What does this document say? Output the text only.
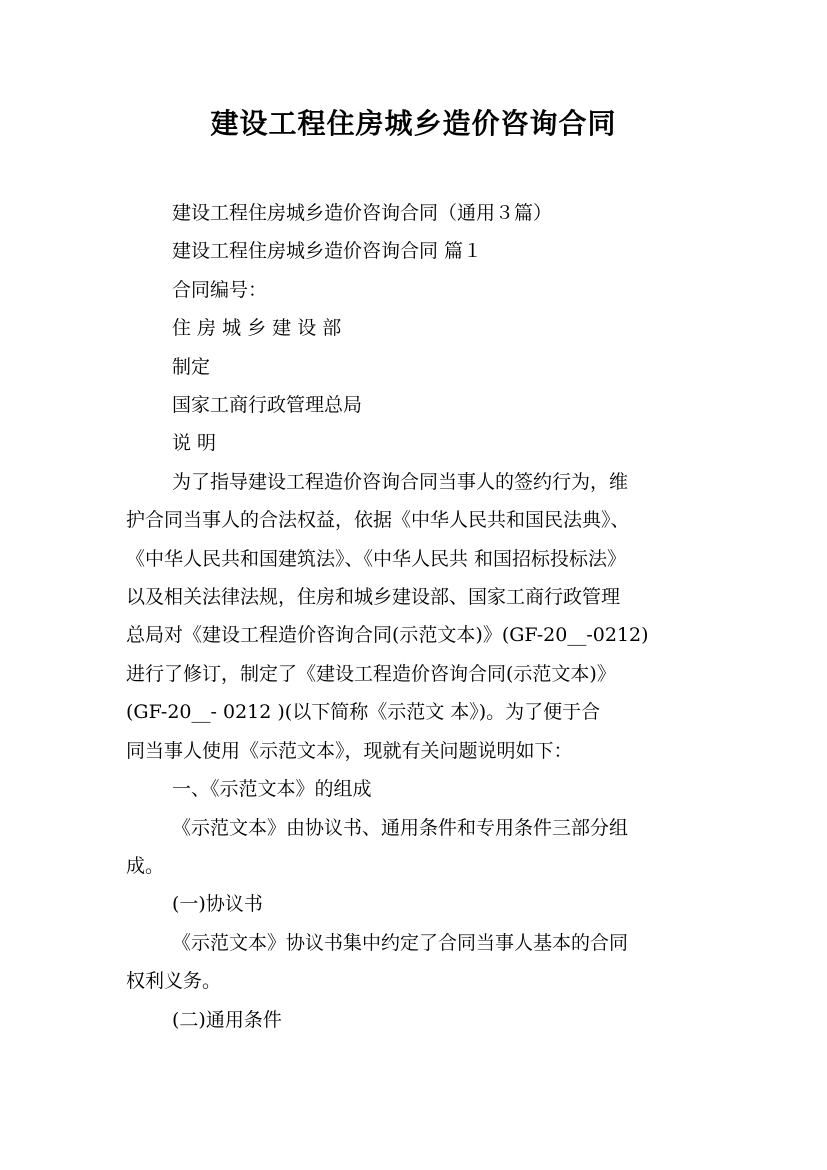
建设工程住房城乡造价咨询合同

建设工程住房城乡造价咨询合同（通用３篇）

建设工程住房城乡造价咨询合同 篇１

合同编号：

住 房 城 乡 建 设 部

制定

国家工商行政管理总局

说 明

为了指导建设工程造价咨询合同当事人的签约行为，维

护合同当事人的合法权益，依据《中华人民共和国民法典》、

《中华人民共和国建筑法》、《中华人民共 和国招标投标法》

以及相关法律法规，住房和城乡建设部、国家工商行政管理

总局对《建设工程造价咨询合同(示范文本)》(GF-20__-0212)

进行了修订，制定了《建设工程造价咨询合同(示范文本)》

(GF-20__- 0212 )(以下简称《示范文 本》)。为了便于合

同当事人使用《示范文本》，现就有关问题说明如下：

一、《示范文本》的组成

《示范文本》由协议书、通用条件和专用条件三部分组

成。

(一)协议书

《示范文本》协议书集中约定了合同当事人基本的合同

权利义务。

(二)通用条件
